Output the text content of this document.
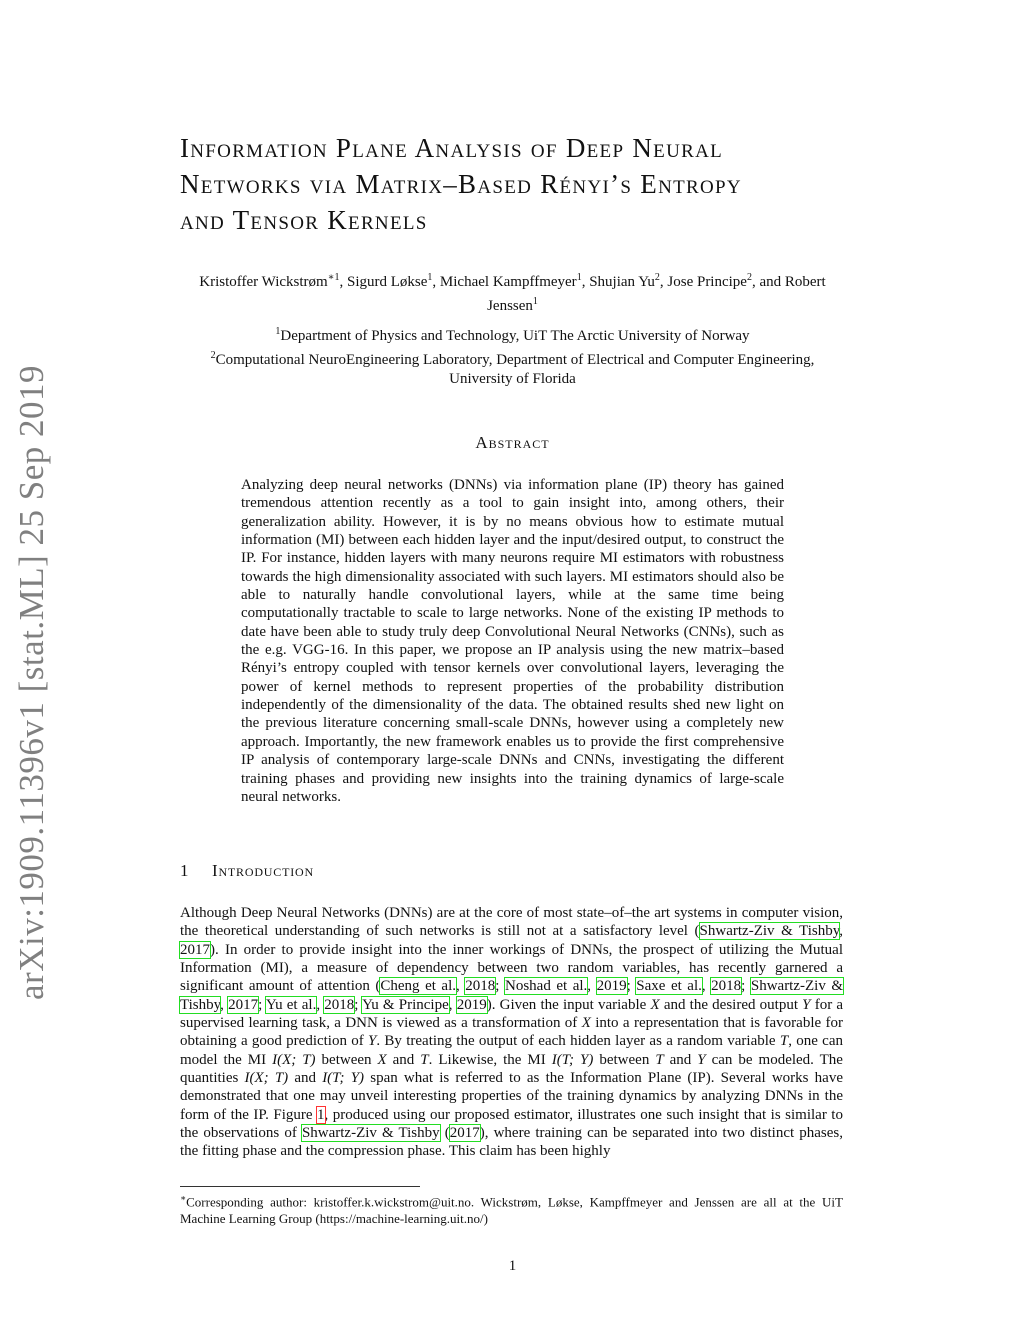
arXiv:1909.11396v1 [stat.ML] 25 Sep 2019
Information Plane Analysis of Deep Neural
Networks via Matrix–Based Rényi’s Entropy
and Tensor Kernels
Kristoffer Wickstrøm$^{∗1}$, Sigurd Løkse$^1$, Michael Kampffmeyer$^1$, Shujian Yu$^2$, Jose Principe$^2$, and Robert Jenssen$^1$
$^1$Department of Physics and Technology, UiT The Arctic University of Norway
$^2$Computational NeuroEngineering Laboratory, Department of Electrical and Computer Engineering, University of Florida
Abstract

Analyzing deep neural networks (DNNs) via information plane (IP) theory has gained tremendous attention recently as a tool to gain insight into, among others, their generalization ability. However, it is by no means obvious how to estimate mutual information (MI) between each hidden layer and the input/desired output, to construct the IP. For instance, hidden layers with many neurons require MI estimators with robustness towards the high dimensionality associated with such layers. MI estimators should also be able to naturally handle convolutional layers, while at the same time being computationally tractable to scale to large networks. None of the existing IP methods to date have been able to study truly deep Convolutional Neural Networks (CNNs), such as the e.g. VGG-16. In this paper, we propose an IP analysis using the new matrix–based Rényi’s entropy coupled with tensor kernels over convolutional layers, leveraging the power of kernel methods to represent properties of the probability distribution independently of the dimensionality of the data. The obtained results shed new light on the previous literature concerning small-scale DNNs, however using a completely new approach. Importantly, the new framework enables us to provide the first comprehensive IP analysis of contemporary large-scale DNNs and CNNs, investigating the different training phases and providing new insights into the training dynamics of large-scale neural networks.

1 Introduction

Although Deep Neural Networks (DNNs) are at the core of most state–of–the art systems in computer vision, the theoretical understanding of such networks is still not at a satisfactory level (Shwartz-Ziv & Tishby, 2017). In order to provide insight into the inner workings of DNNs, the prospect of utilizing the Mutual Information (MI), a measure of dependency between two random variables, has recently garnered a significant amount of attention (Cheng et al., 2018; Noshad et al., 2019; Saxe et al., 2018; Shwartz-Ziv & Tishby, 2017; Yu et al., 2018; Yu & Principe, 2019). Given the input variable X and the desired output Y for a supervised learning task, a DNN is viewed as a transformation of X into a representation that is favorable for obtaining a good prediction of Y. By treating the output of each hidden layer as a random variable T, one can model the MI I(X; T) between X and T. Likewise, the MI I(T; Y) between T and Y can be modeled. The quantities I(X; T) and I(T; Y) span what is referred to as the Information Plane (IP). Several works have demonstrated that one may unveil interesting properties of the training dynamics by analyzing DNNs in the form of the IP. Figure 1, produced using our proposed estimator, illustrates one such insight that is similar to the observations of Shwartz-Ziv & Tishby (2017), where training can be separated into two distinct phases, the fitting phase and the compression phase. This claim has been highly

∗Corresponding author: kristoffer.k.wickstrom@uit.no. Wickstrøm, Løkse, Kampffmeyer and Jenssen are all at the UiT Machine Learning Group (https://machine-learning.uit.no/)

1
